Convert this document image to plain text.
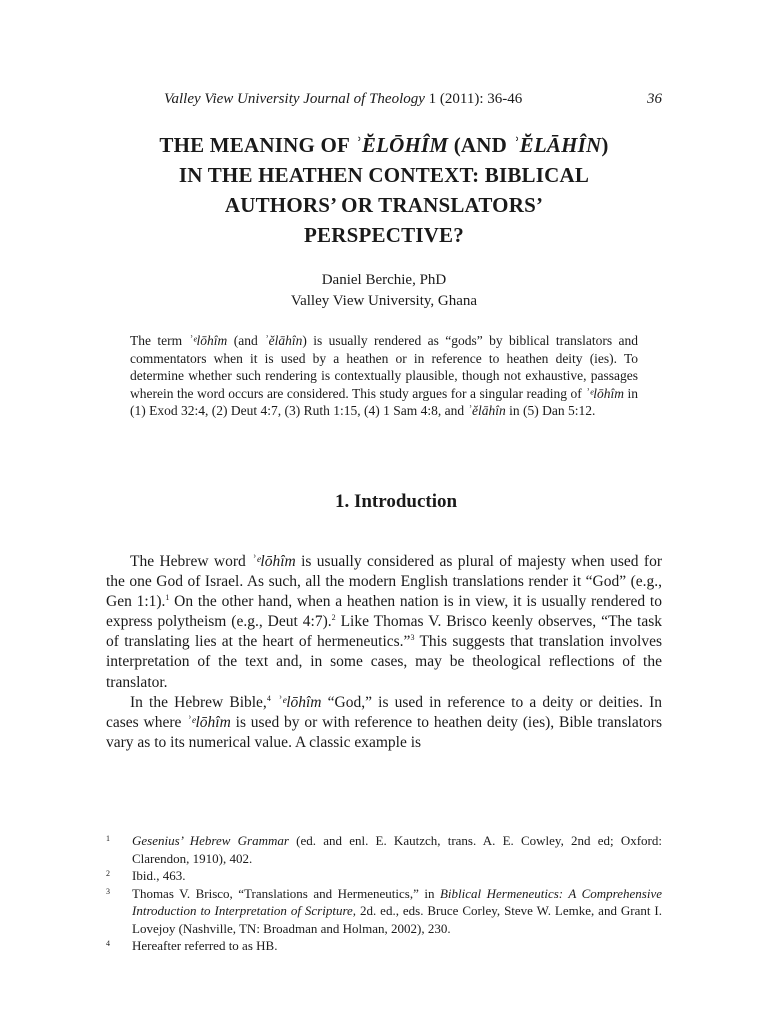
Valley View University Journal of Theology 1 (2011): 36-46	36
THE MEANING OF ʾĔLŌHÎM (AND ʾĔLĀHÎN)
IN THE HEATHEN CONTEXT: BIBLICAL
AUTHORS’ OR TRANSLATORS’
PERSPECTIVE?
Daniel Berchie, PhD
Valley View University, Ghana

The term ʾᵉlōhîm (and ʾĕlāhîn) is usually rendered as “gods” by biblical translators and commentators when it is used by a heathen or in reference to heathen deity (ies). To determine whether such rendering is contextually plausible, though not exhaustive, passages wherein the word occurs are considered. This study argues for a singular reading of ʾᵉlōhîm in (1) Exod 32:4, (2) Deut 4:7, (3) Ruth 1:15, (4) 1 Sam 4:8, and ʾĕlāhîn in (5) Dan 5:12.

1. Introduction

The Hebrew word ʾᵉlōhîm is usually considered as plural of majesty when used for the one God of Israel. As such, all the modern English translations render it “God” (e.g., Gen 1:1).$^1$ On the other hand, when a heathen nation is in view, it is usually rendered to express polytheism (e.g., Deut 4:7).$^2$ Like Thomas V. Brisco keenly observes, “The task of translating lies at the heart of hermeneutics.”$^3$ This suggests that translation involves interpretation of the text and, in some cases, may be theological reflections of the translator.

In the Hebrew Bible,$^4$ ʾᵉlōhîm “God,” is used in reference to a deity or deities. In cases where ʾᵉlōhîm is used by or with reference to heathen deity (ies), Bible translators vary as to its numerical value. A classic example is

1 Gesenius’ Hebrew Grammar (ed. and enl. E. Kautzch, trans. A. E. Cowley, 2nd ed; Oxford: Clarendon, 1910), 402.

2 Ibid., 463.

3 Thomas V. Brisco, “Translations and Hermeneutics,” in Biblical Hermeneutics: A Comprehensive Introduction to Interpretation of Scripture, 2d. ed., eds. Bruce Corley, Steve W. Lemke, and Grant I. Lovejoy (Nashville, TN: Broadman and Holman, 2002), 230.

4 Hereafter referred to as HB.
